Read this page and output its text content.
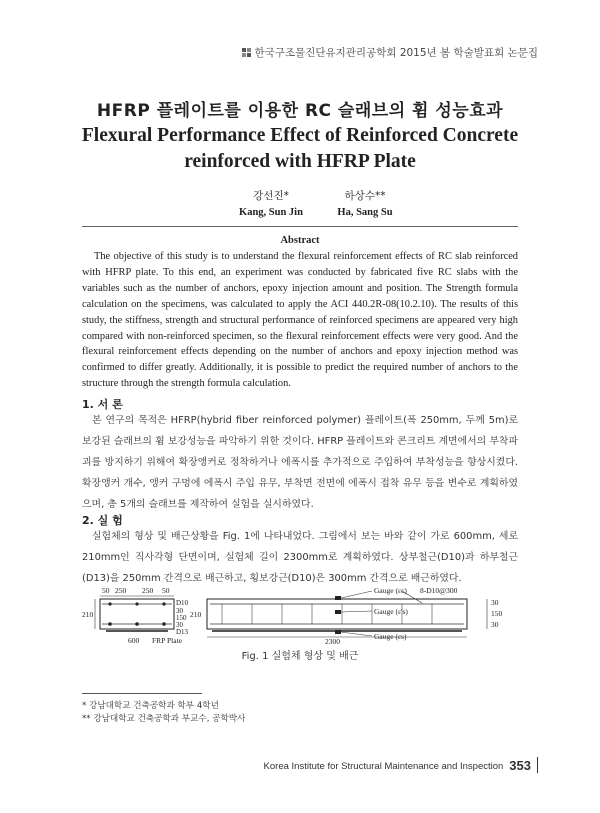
한국구조물진단유지관리공학회 2015년 봄 학술발표회 논문집
HFRP 플레이트를 이용한 RC 슬래브의 휨 성능효과
Flexural Performance Effect of Reinforced Concrete
reinforced with HFRP Plate
강선진*
Kang, Sun Jin
하상수**
Ha, Sang Su
Abstract
The objective of this study is to understand the flexural reinforcement effects of RC slab reinforced with HFRP plate. To this end, an experiment was conducted by fabricated five RC slabs with the variables such as the number of anchors, epoxy injection amount and position. The Strength formula calculation on the specimens, was calculated to apply the ACI 440.2R-08(10.2.10). The results of this study, the stiffness, strength and structural performance of reinforced specimens are appeared very high compared with non-reinforced specimen, so the flexural reinforcement effects were very good. And the flexural reinforcement effects depending on the number of anchors and epoxy injection method was confirmed to differ greatly. Additionally, it is possible to predict the required number of anchors to the structure through the strength formula calculation.
1. 서 론
본 연구의 목적은 HFRP(hybrid fiber reinforced polymer) 플레이트(폭 250mm, 두께 5m)로 보강된 슬래브의 휨 보강성능을 파악하기 위한 것이다. HFRP 플레이트와 콘크리트 계면에서의 부착파괴를 방지하기 위해여 확장앵커로 정착하거나 에폭시를 추가적으로 주입하여 부착성능을 향상시켰다. 확장앵커 개수, 앵커 구멍에 에폭시 주입 유무, 부착면 전면에 에폭시 접착 유무 등을 변수로 계획하였으며, 총 5개의 슬래브를 제작하여 실험을 실시하였다.
2. 실 험
실험체의 형상 및 배근상황을 Fig. 1에 나타내었다. 그림에서 보는 바와 같이 가로 600mm, 세로 210mm인 직사각형 단면이며, 실험체 길이 2300mm로 계획하였다. 상부철근(D10)과 하부철근(D13)을 250mm 간격으로 배근하고, 횡보강근(D10)은 300mm 간격으로 배근하였다.
50 250 250 50
210
D10
30
150
30
D13
600 FRP Plate
210
Gauge (εc)
Gauge (ε's)
Gauge (εs)
8-D10@300
30
150
30
2300
Fig. 1 실험체 형상 및 배근
* 강남대학교 건축공학과 학부 4학년
** 강남대학교 건축공학과 부교수, 공학박사
Korea Institute for Structural Maintenance and Inspection 353
